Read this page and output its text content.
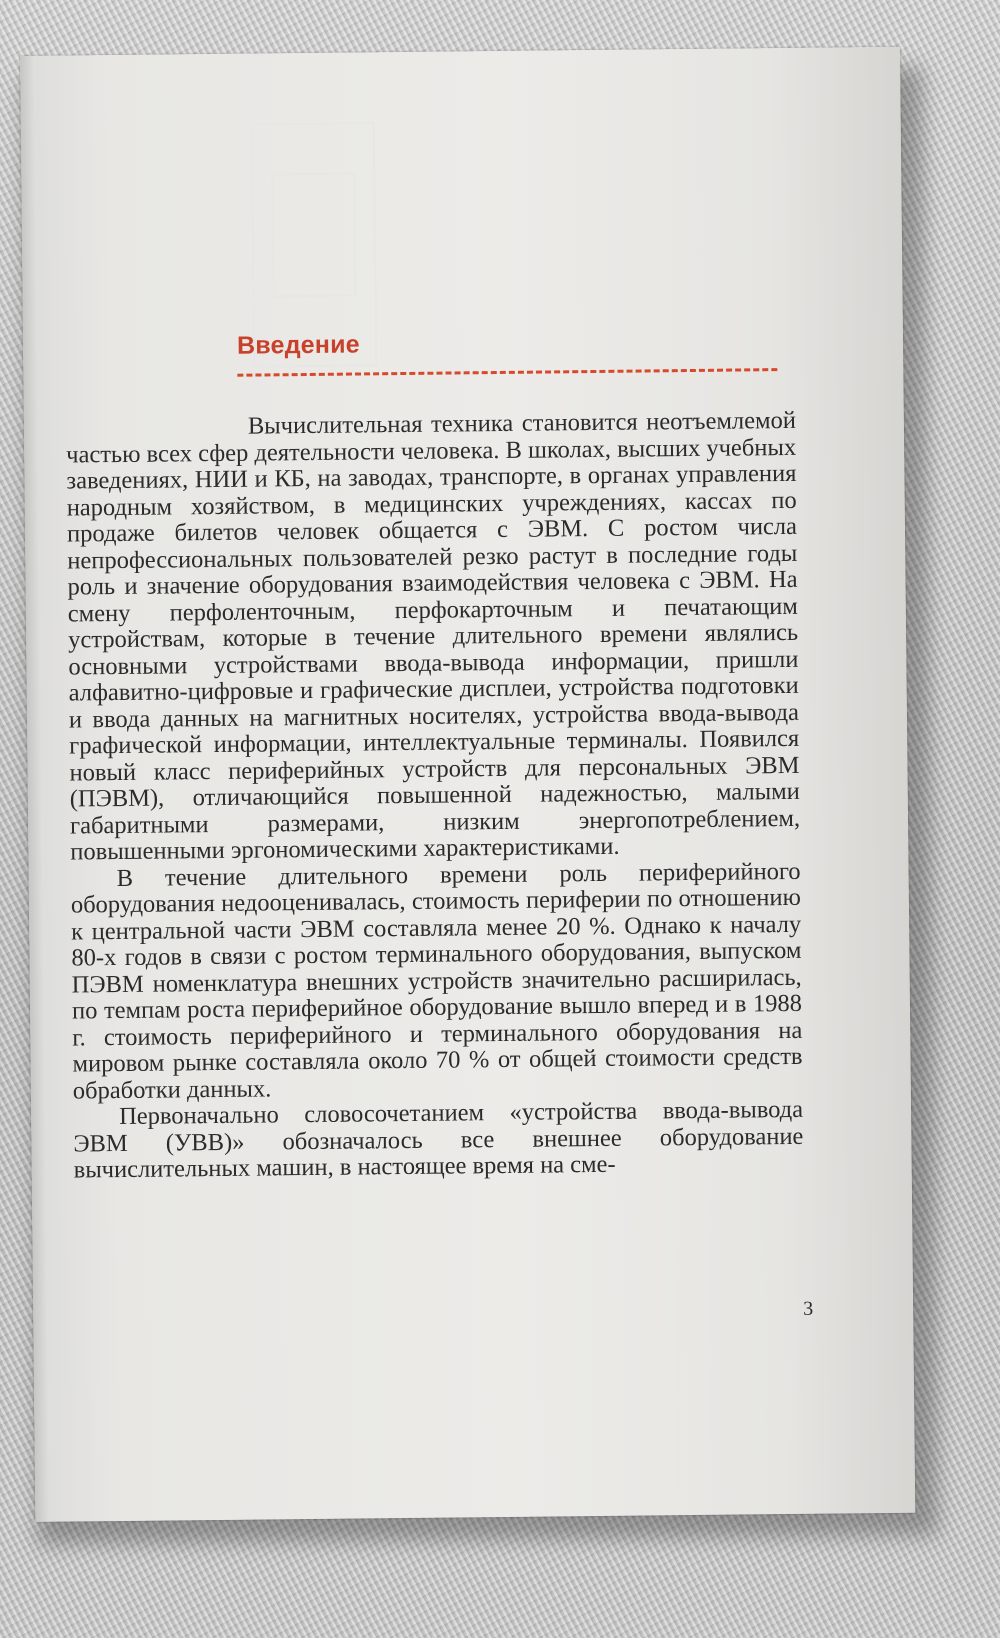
Введение

Вычислительная техника становится неотъемлемой частью всех сфер деятельности человека. В школах, высших учебных заведениях, НИИ и КБ, на заводах, транспорте, в органах управления народным хозяйством, в медицинских учреждениях, кассах по продаже билетов человек общается с ЭВМ. С ростом числа непрофессиональных пользователей резко растут в последние годы роль и значение оборудования взаимодействия человека с ЭВМ. На смену перфоленточным, перфокарточным и печатающим устройствам, которые в течение длительного времени являлись основными устройствами ввода-вывода информации, пришли алфавитно-цифровые и графические дисплеи, устройства подготовки и ввода данных на магнитных носителях, устройства ввода-вывода графической информации, интеллектуальные терминалы. Появился новый класс периферийных устройств для персональных ЭВМ (ПЭВМ), отличающийся повышенной надежностью, малыми габаритными размерами, низким энергопотреблением, повышенными эргономическими характеристиками.

В течение длительного времени роль периферийного оборудования недооценивалась, стоимость периферии по отношению к центральной части ЭВМ составляла менее 20 %. Однако к началу 80-х годов в связи с ростом терминального оборудования, выпуском ПЭВМ номенклатура внешних устройств значительно расширилась, по темпам роста периферийное оборудование вышло вперед и в 1988 г. стоимость периферийного и терминального оборудования на мировом рынке составляла около 70 % от общей стоимости средств обработки данных.

Первоначально словосочетанием «устройства ввода-вывода ЭВМ (УВВ)» обозначалось все внешнее оборудование вычислительных машин, в настоящее время на сме-

3
